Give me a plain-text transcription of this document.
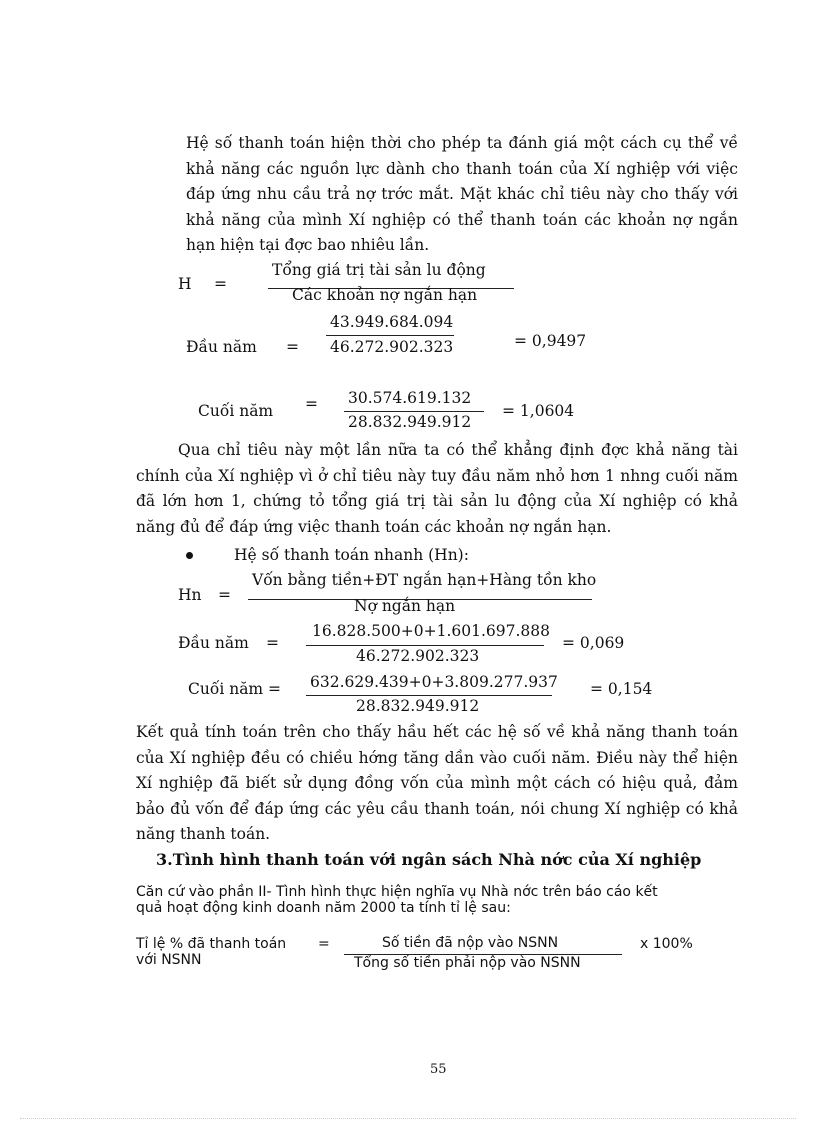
Hệ số thanh toán hiện thời cho phép ta đánh giá một cách cụ thể về khả năng các nguồn lực dành cho thanh toán của Xí nghiệp với việc đáp ứng nhu cầu trả nợ trớc mắt. Mặt khác chỉ tiêu này cho thấy với khả năng của mình Xí nghiệp có thể thanh toán các khoản nợ ngắn hạn hiện tại đợc bao nhiêu lần.
H =
Tổng giá trị tài sản lu động
Các khoản nợ ngắn hạn
Đầu năm =
43.949.684.094
46.272.902.323	= 0,9497
Cuối năm = 30.574.619.132
28.832.949.912
= 1,0604
Qua chỉ tiêu này một lần nữa ta có thể khẳng định đợc khả năng tài chính của Xí nghiệp vì ở chỉ tiêu này tuy đầu năm nhỏ hơn 1 nhng cuối năm đã lớn hơn 1, chứng tỏ tổng giá trị tài sản lu động của Xí nghiệp có khả năng đủ để đáp ứng việc thanh toán các khoản nợ ngắn hạn.
Hệ số thanh toán nhanh (Hn):
Hn =
Vốn bằng tiền+ĐT ngắn hạn+Hàng tồn kho
Nợ ngắn hạn
Đầu năm =
16.828.500+0+1.601.697.888
46.272.902.323
= 0,069
Cuối năm = 632.629.439+0+3.809.277.937
28.832.949.912
= 0,154
Kết quả tính toán trên cho thấy hầu hết các hệ số về khả năng thanh toán của Xí nghiệp đều có chiều hớng tăng dần vào cuối năm. Điều này thể hiện Xí nghiệp đã biết sử dụng đồng vốn của mình một cách có hiệu quả, đảm bảo đủ vốn để đáp ứng các yêu cầu thanh toán, nói chung Xí nghiệp có khả năng thanh toán.
3.Tình hình thanh toán với ngân sách Nhà nớc của Xí nghiệp
Căn cứ vào phần II- Tình hình thực hiện nghĩa vụ Nhà nớc trên báo cáo kết
quả hoạt động kinh doanh năm 2000 ta tính tỉ lệ sau:
Tỉ lệ % đã thanh toán
với NSNN
=	Số tiền đã nộp vào NSNN
Tổng số tiền phải nộp vào NSNN
x 100%
55
